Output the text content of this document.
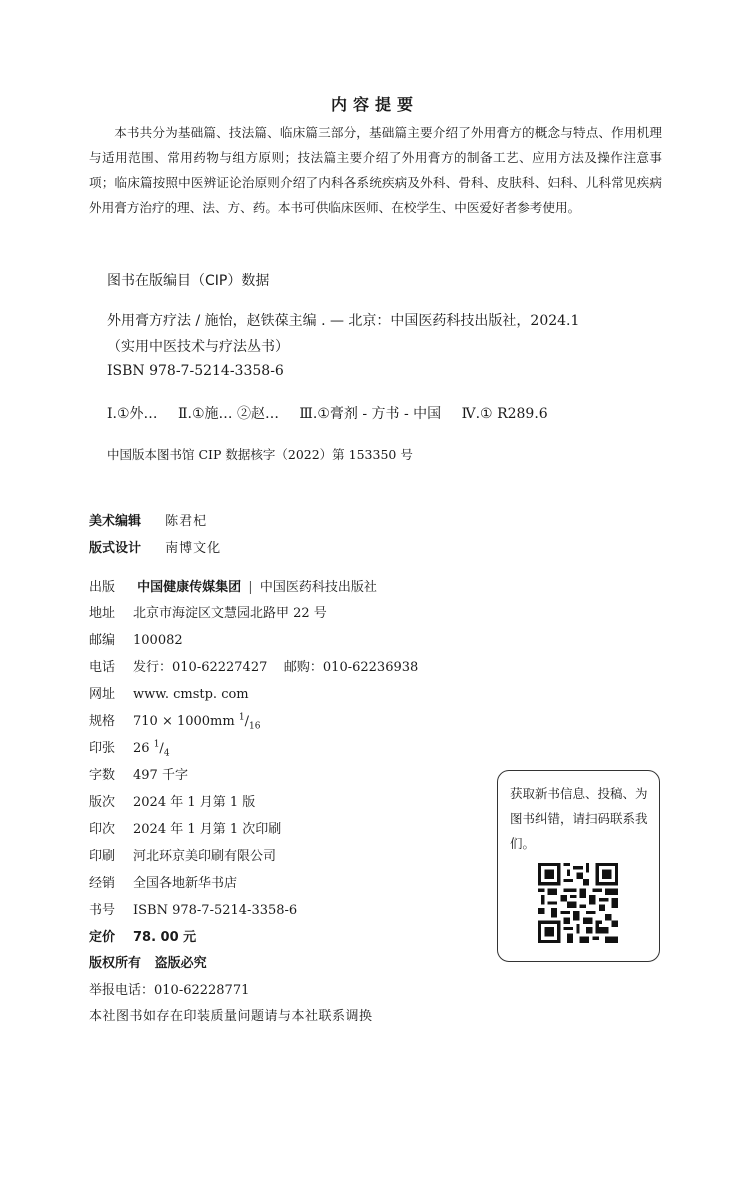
内容提要

本书共分为基础篇、技法篇、临床篇三部分，基础篇主要介绍了外用膏方的概念与特点、作用机理与适用范围、常用药物与组方原则；技法篇主要介绍了外用膏方的制备工艺、应用方法及操作注意事项；临床篇按照中医辨证论治原则介绍了内科各系统疾病及外科、骨科、皮肤科、妇科、儿科常见疾病外用膏方治疗的理、法、方、药。本书可供临床医师、在校学生、中医爱好者参考使用。

图书在版编目（CIP）数据
外用膏方疗法 / 施怡，赵铁葆主编 . — 北京：中国医药科技出版社，2024.1
（实用中医技术与疗法丛书）
ISBN 978-7-5214-3358-6
Ⅰ.①外… Ⅱ.①施… ②赵… Ⅲ.①膏剂 - 方书 - 中国 Ⅳ.① R289.6
中国版本图书馆 CIP 数据核字（2022）第 153350 号
美术编辑 陈君杞
版式设计 南博文化
出版 中国健康传媒集团 | 中国医药科技出版社
地址 北京市海淀区文慧园北路甲 22 号
邮编 100082
电话 发行：010-62227427    邮购：010-62236938
网址 www. cmstp. com
规格 710 × 1000mm $^1/_{16}$
印张 26 $^1/_4$
字数 497 千字
版次 2024 年 1 月第 1 版
印次 2024 年 1 月第 1 次印刷
印刷 河北环京美印刷有限公司
经销 全国各地新华书店
书号 ISBN 978-7-5214-3358-6
定价 78. 00 元
版权所有   盗版必究
举报电话：010-62228771
本社图书如存在印装质量问题请与本社联系调换

获取新书信息、投稿、为图书纠错，请扫码联系我们。
